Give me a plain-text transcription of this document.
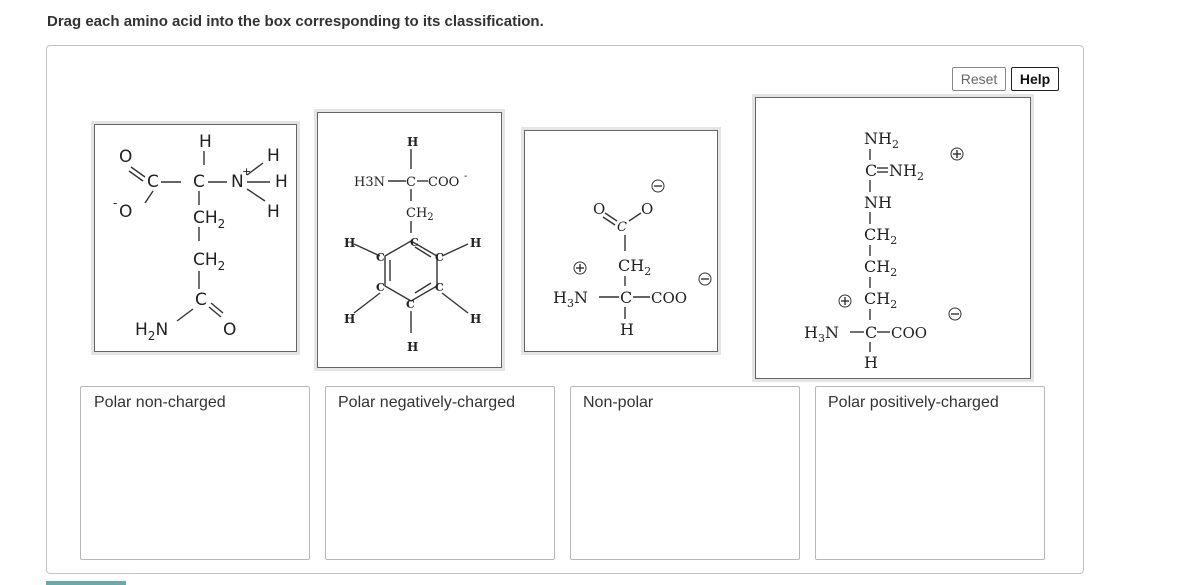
Drag each amino acid into the box corresponding to its classification.
Reset	Help
H
O
C C N
+
H
H
H
O
-
$CH_2$
$CH_2$
C
$H_2N$	O
H
H3N C COO -
$CH_2$
C
C
C
C
C
C
H	H
H	H
H
O
C
O
$CH_2$
$H_3N$ C COO
H
$NH_2$
C $NH_2$
NH
$CH_2$
$CH_2$
$CH_2$
$H_3N$ C COO
H
Polar non-charged	Polar negatively-charged	Non-polar	Polar positively-charged
